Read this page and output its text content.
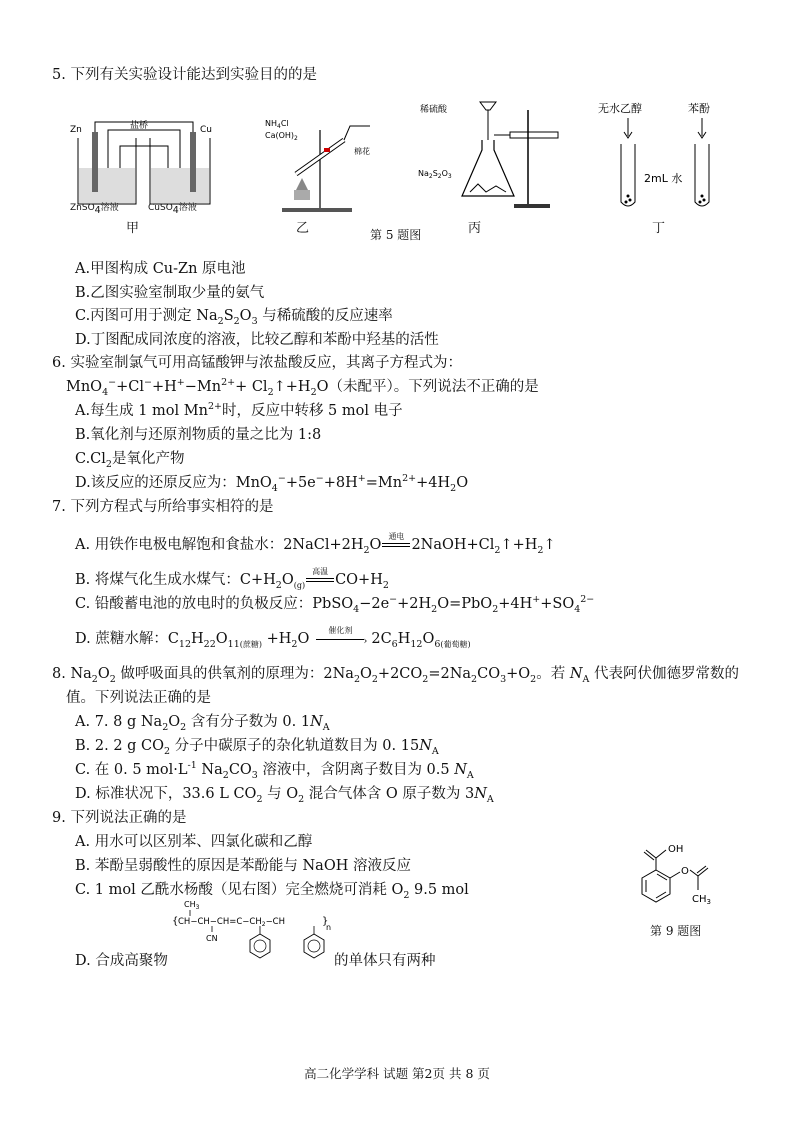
5. 下列有关实验设计能达到实验目的的是
Zn	Cu
盐桥
ZnSO$_4$溶液	CuSO$_4$溶液
甲
$NH_4Cl$
$Ca(OH)_2$
棉花
乙	第 5 题图
稀硫酸
$Na_2S_2O_3$
丙
无水乙醇	苯酚
2mL 水
丁
A.甲图构成 Cu-Zn 原电池
B.乙图实验室制取少量的氨气
C.丙图可用于测定 $Na_2S_2O_3$ 与稀硫酸的反应速率
D.丁图配成同浓度的溶液，比较乙醇和苯酚中羟基的活性
6. 实验室制氯气可用高锰酸钾与浓盐酸反应，其离子方程式为：
$MnO_4^-+Cl^-+H^+-Mn^{2+}+$ $Cl_2↑+H_2O$（未配平）。下列说法不正确的是
A.每生成 1 mol $Mn^{2+}$时，反应中转移 5 mol 电子
B.氧化剂与还原剂物质的量之比为 1:8
$C.Cl_2$是氧化产物
D.该反应的还原反应为：$MnO_4^-+5e^-+8H^+=Mn^{2+}+4H_2O$
7. 下列方程式与所给事实相符的是
A. 用铁作电极电解饱和食盐水：$2NaCl+2H_2O$
通电
$2NaOH+Cl_2↑+H_2↑$
B. 将煤气化生成水煤气：$C+H_2O_{(g)}$
高温
$CO+H_2$
C. 铅酸蓄电池的放电时的负极反应：$PbSO_4-2e^-+2H_2O=PbO_2+4H^++SO_4^{2-}$
D. 蔗糖水解：$C_{12}H_{22}O_{11(蔗糖)} +H_2O$
催化剂
› $2C_6H_{12}O_{6(葡萄糖)}$
8. $Na_2O_2$ 做呼吸面具的供氧剂的原理为：$2Na_2O_2+2CO_2=2Na_2CO_3+O_2$。若 $N_A$ 代表阿伏伽德罗常数的
值。下列说法正确的是
A. 7. 8 g $Na_2O_2$ 含有分子数为 0. $1N_A$
B. 2. 2 g $CO_2$ 分子中碳原子的杂化轨道数目为 0. $15N_A$
C. 在 0. 5 $mol\cdot L^{-1}$ $Na_2CO_3$ 溶液中，含阴离子数目为 0.5 $N_A$
D. 标准状况下，33.6 L $CO_2$ 与 $O_2$ 混合气体含 O 原子数为 $3N_A$
9. 下列说法正确的是
A. 用水可以区别苯、四氯化碳和乙醇
B. 苯酚呈弱酸性的原因是苯酚能与 NaOH 溶液反应
C. 1 mol 乙酰水杨酸（见右图）完全燃烧可消耗 $O_2$ 9.5 mol
D. 合成高聚物	的单体只有两种
$CH_3$
{ $CH-CH-CH=C-CH_2-CH$	}
n
CN
OH
O
$CH_3$
第 9 题图
高二化学学科 试题 第2页 共 8 页
